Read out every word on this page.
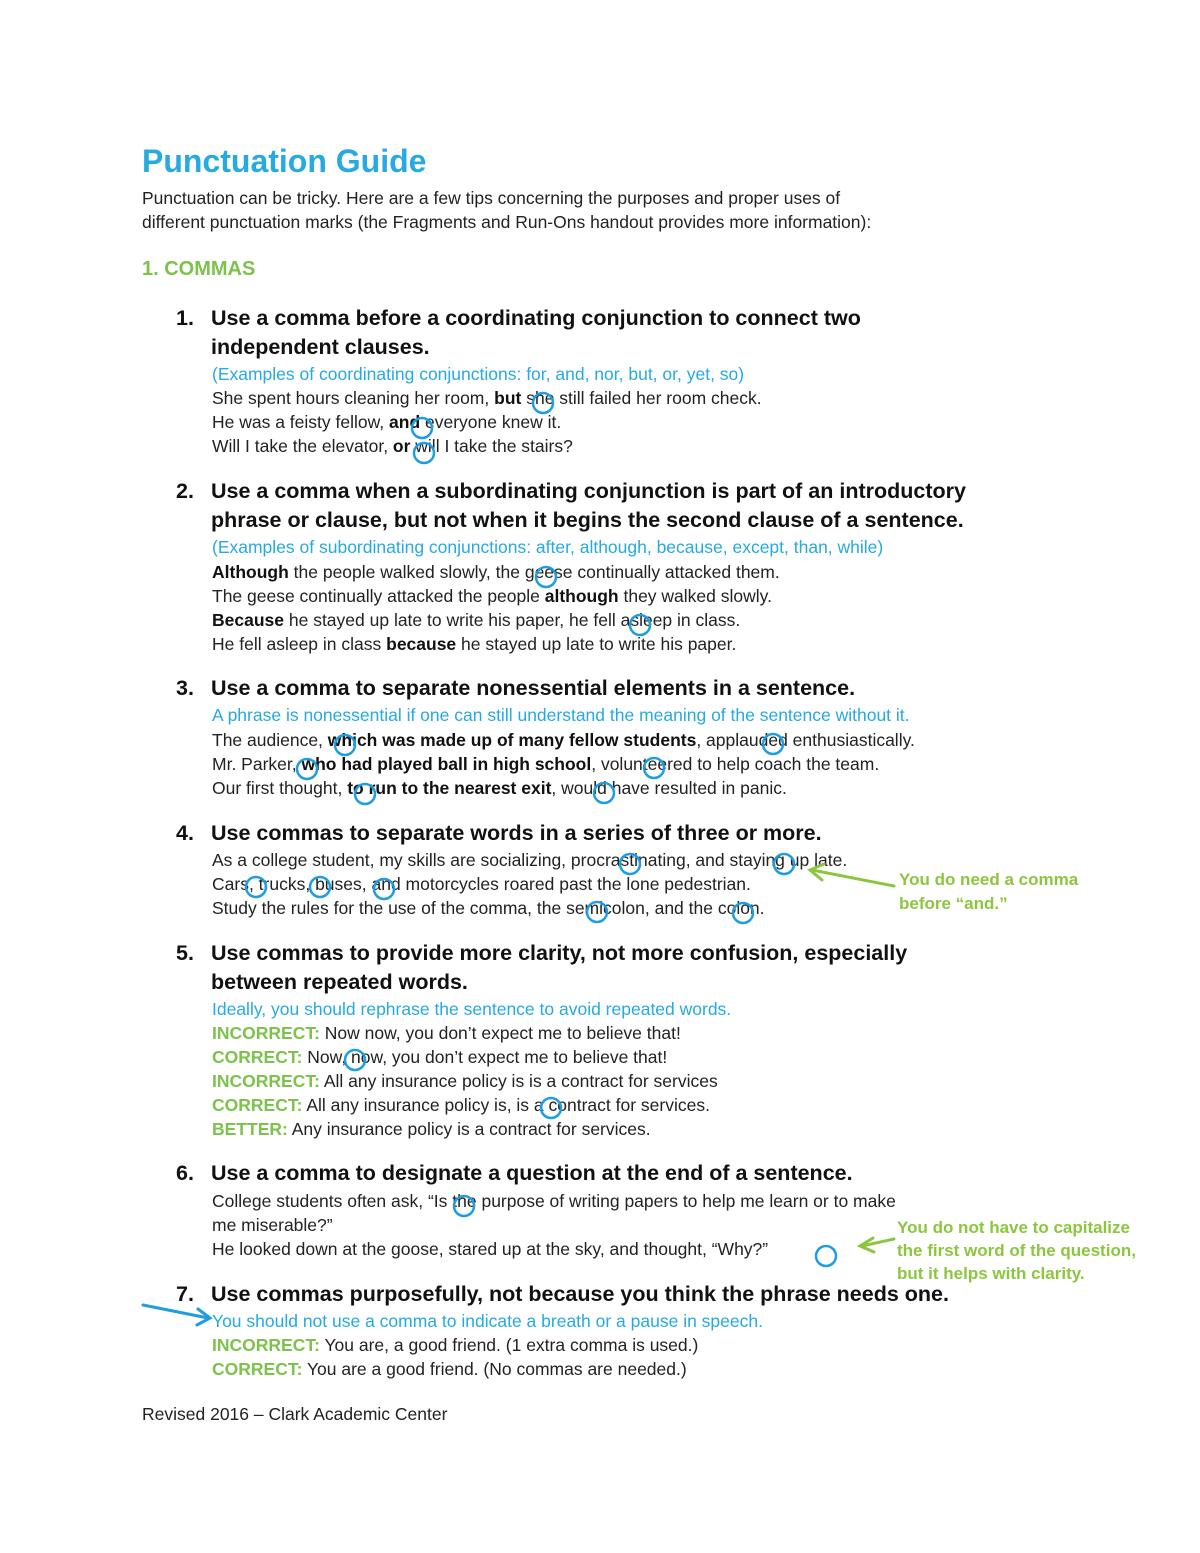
Punctuation Guide
Punctuation can be tricky. Here are a few tips concerning the purposes and proper uses of
different punctuation marks (the Fragments and Run-Ons handout provides more information):
1. COMMAS
1. Use a comma before a coordinating conjunction to connect two
independent clauses.
(Examples of coordinating conjunctions: for, and, nor, but, or, yet, so)
She spent hours cleaning her room, but she still failed her room check.
He was a feisty fellow, and everyone knew it.
Will I take the elevator, or will I take the stairs?
2. Use a comma when a subordinating conjunction is part of an introductory
phrase or clause, but not when it begins the second clause of a sentence.
(Examples of subordinating conjunctions: after, although, because, except, than, while)
Although the people walked slowly, the geese continually attacked them.
The geese continually attacked the people although they walked slowly.
Because he stayed up late to write his paper, he fell asleep in class.
He fell asleep in class because he stayed up late to write his paper.
3. Use a comma to separate nonessential elements in a sentence.
A phrase is nonessential if one can still understand the meaning of the sentence without it.
The audience, which was made up of many fellow students, applauded enthusiastically.
Mr. Parker, who had played ball in high school, volunteered to help coach the team.
Our first thought, to run to the nearest exit, would have resulted in panic.
4. Use commas to separate words in a series of three or more.
As a college student, my skills are socializing, procrastinating, and staying up late.
Cars, trucks, buses, and motorcycles roared past the lone pedestrian.
Study the rules for the use of the comma, the semicolon, and the colon.
You do need a comma
before “and.”
5. Use commas to provide more clarity, not more confusion, especially
between repeated words.
Ideally, you should rephrase the sentence to avoid repeated words.
INCORRECT: Now now, you don’t expect me to believe that!
CORRECT: Now, now, you don’t expect me to believe that!
INCORRECT: All any insurance policy is is a contract for services
CORRECT: All any insurance policy is, is a contract for services.
BETTER: Any insurance policy is a contract for services.
6. Use a comma to designate a question at the end of a sentence.
College students often ask, “Is the purpose of writing papers to help me learn or to make
me miserable?”
He looked down at the goose, stared up at the sky, and thought, “Why?”
You do not have to capitalize
the first word of the question,
but it helps with clarity.
7. Use commas purposefully, not because you think the phrase needs one.
You should not use a comma to indicate a breath or a pause in speech.
INCORRECT: You are, a good friend. (1 extra comma is used.)
CORRECT: You are a good friend. (No commas are needed.)
Revised 2016 – Clark Academic Center
